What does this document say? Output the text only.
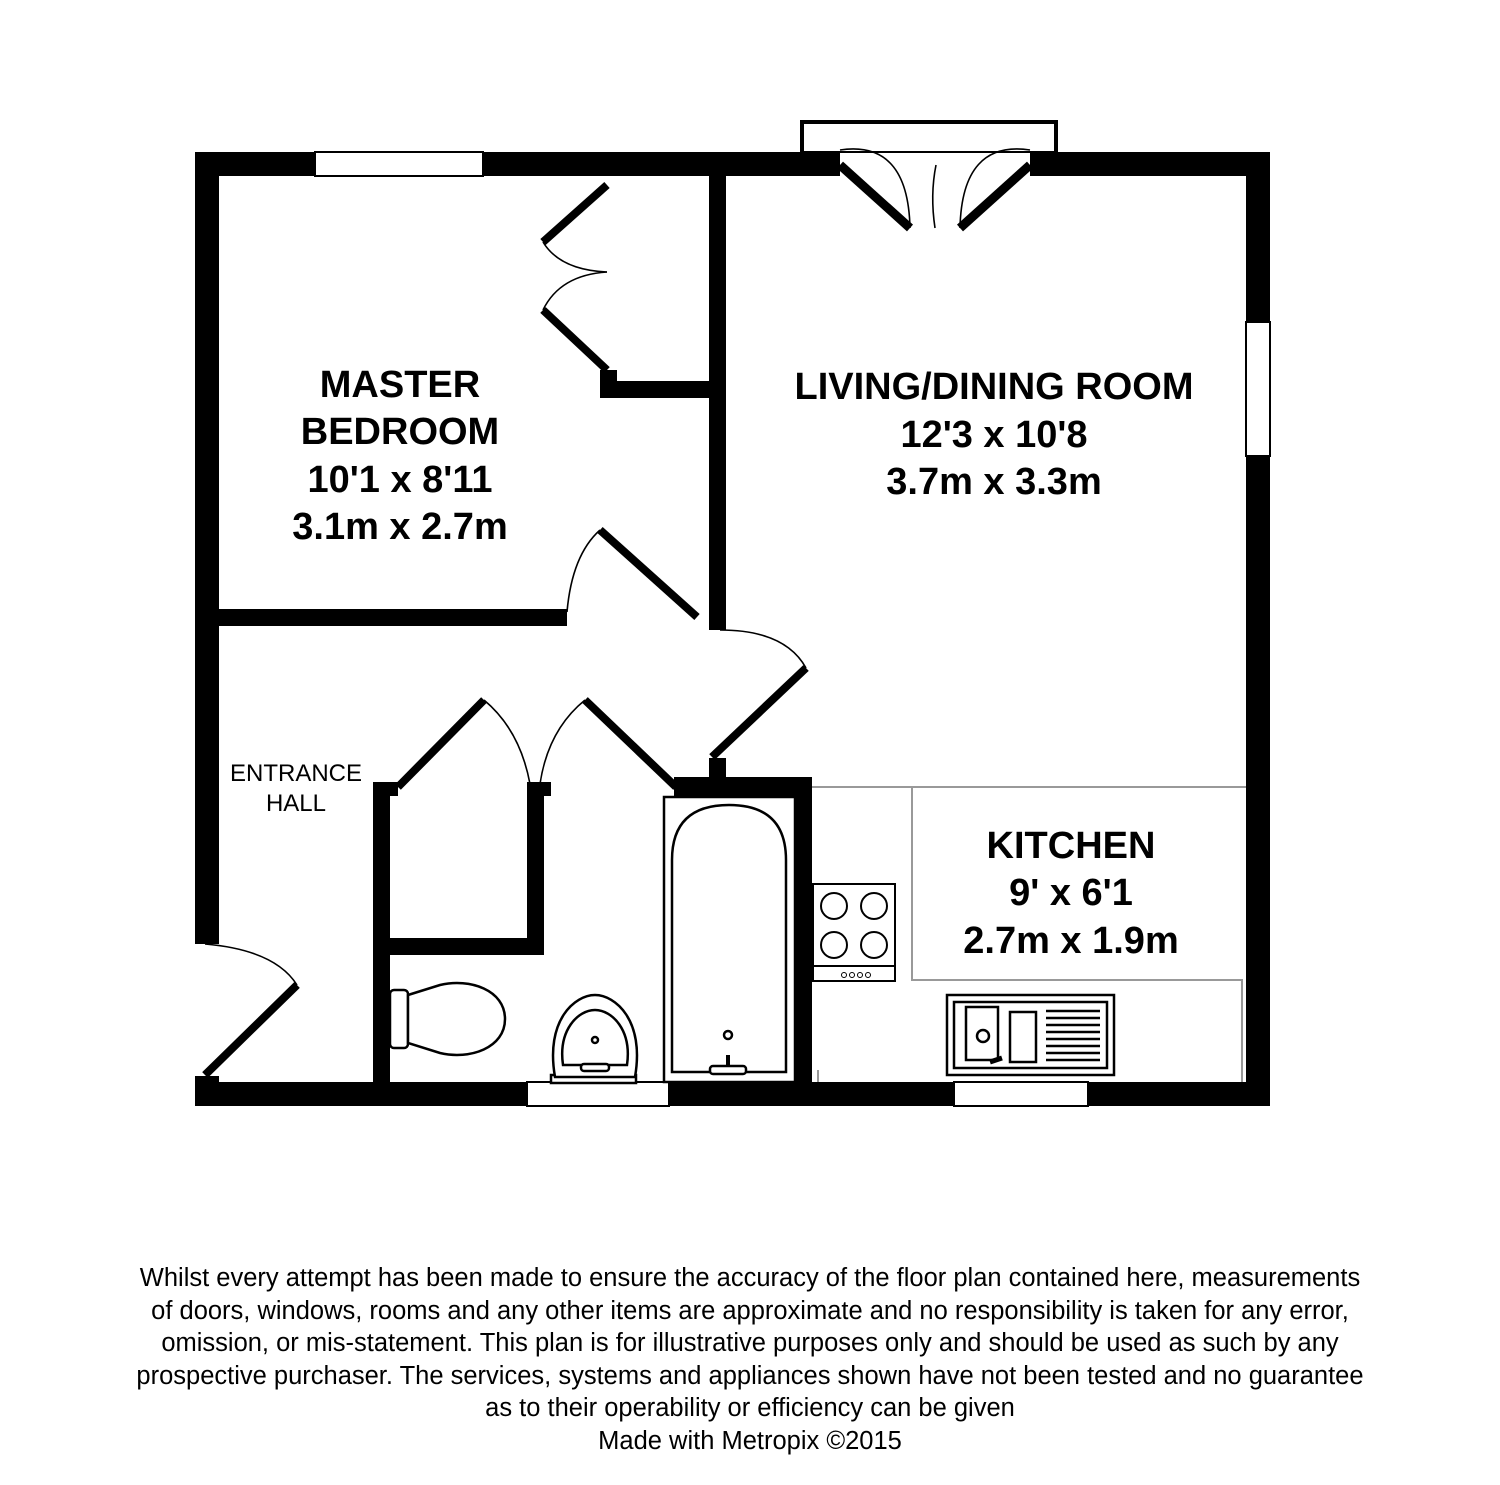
MASTER
BEDROOM
10'1 x 8'11
3.1m x 2.7m
LIVING/DINING ROOM
12'3 x 10'8
3.7m x 3.3m
KITCHEN
9' x 6'1
2.7m x 1.9m
ENTRANCE
HALL
Whilst every attempt has been made to ensure the accuracy of the floor plan contained here, measurements
of doors, windows, rooms and any other items are approximate and no responsibility is taken for any error,
omission, or mis-statement. This plan is for illustrative purposes only and should be used as such by any
prospective purchaser. The services, systems and appliances shown have not been tested and no guarantee
as to their operability or efficiency can be given
Made with Metropix ©2015
